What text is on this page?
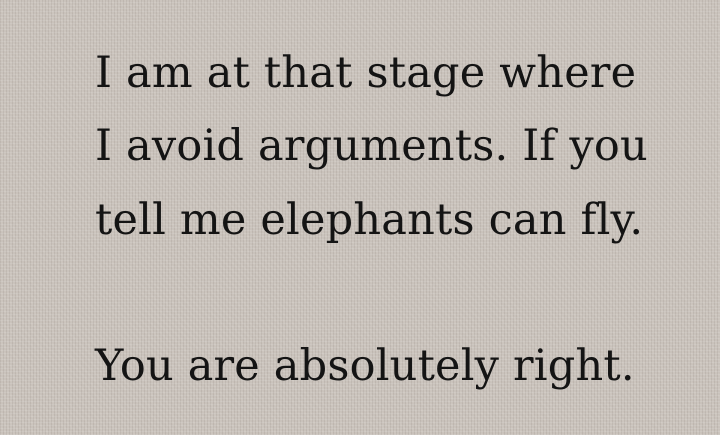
I am at that stage where

I avoid arguments. If you

tell me elephants can fly.

You are absolutely right.
